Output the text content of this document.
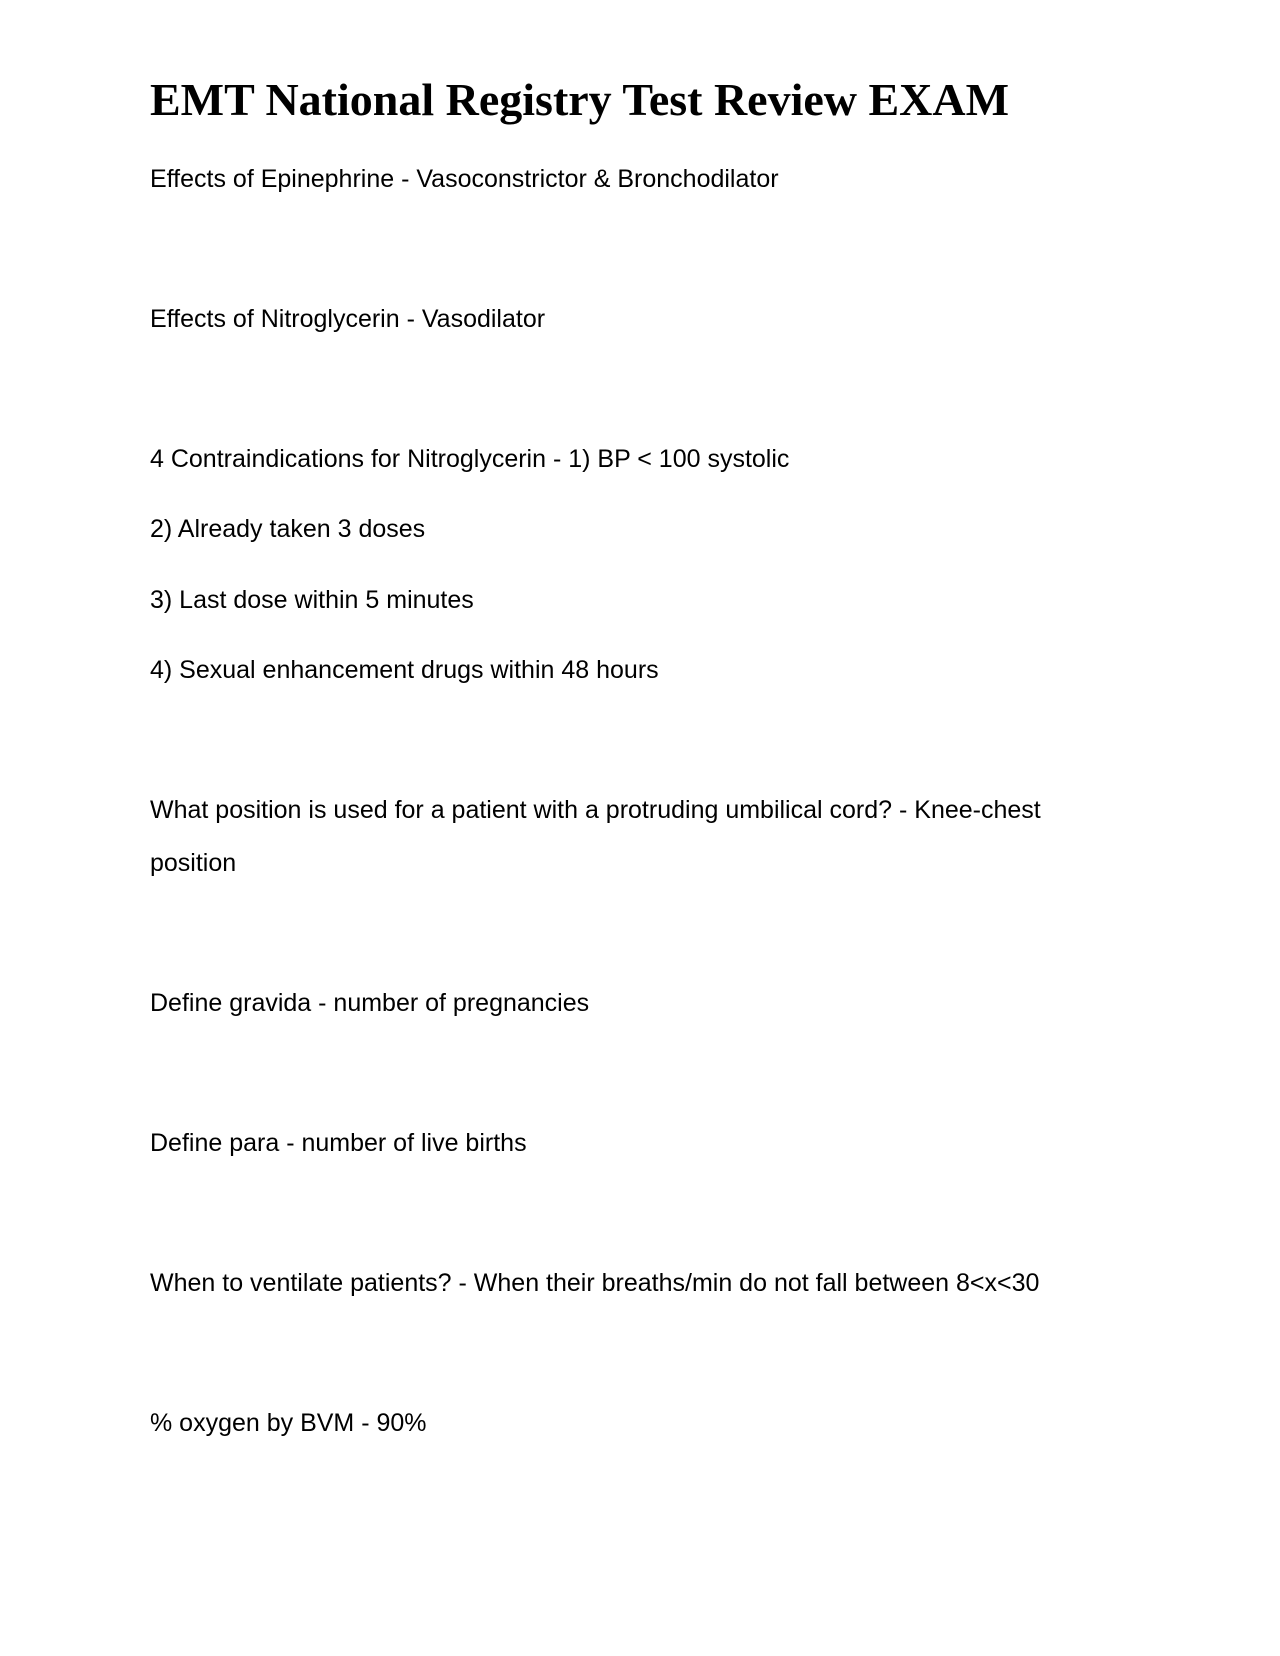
EMT National Registry Test Review EXAM

Effects of Epinephrine - Vasoconstrictor & Bronchodilator

Effects of Nitroglycerin - Vasodilator

4 Contraindications for Nitroglycerin - 1) BP < 100 systolic

2) Already taken 3 doses

3) Last dose within 5 minutes

4) Sexual enhancement drugs within 48 hours

What position is used for a patient with a protruding umbilical cord? - Knee-chest

position

Define gravida - number of pregnancies

Define para - number of live births

When to ventilate patients? - When their breaths/min do not fall between 8<x<30

% oxygen by BVM - 90%
